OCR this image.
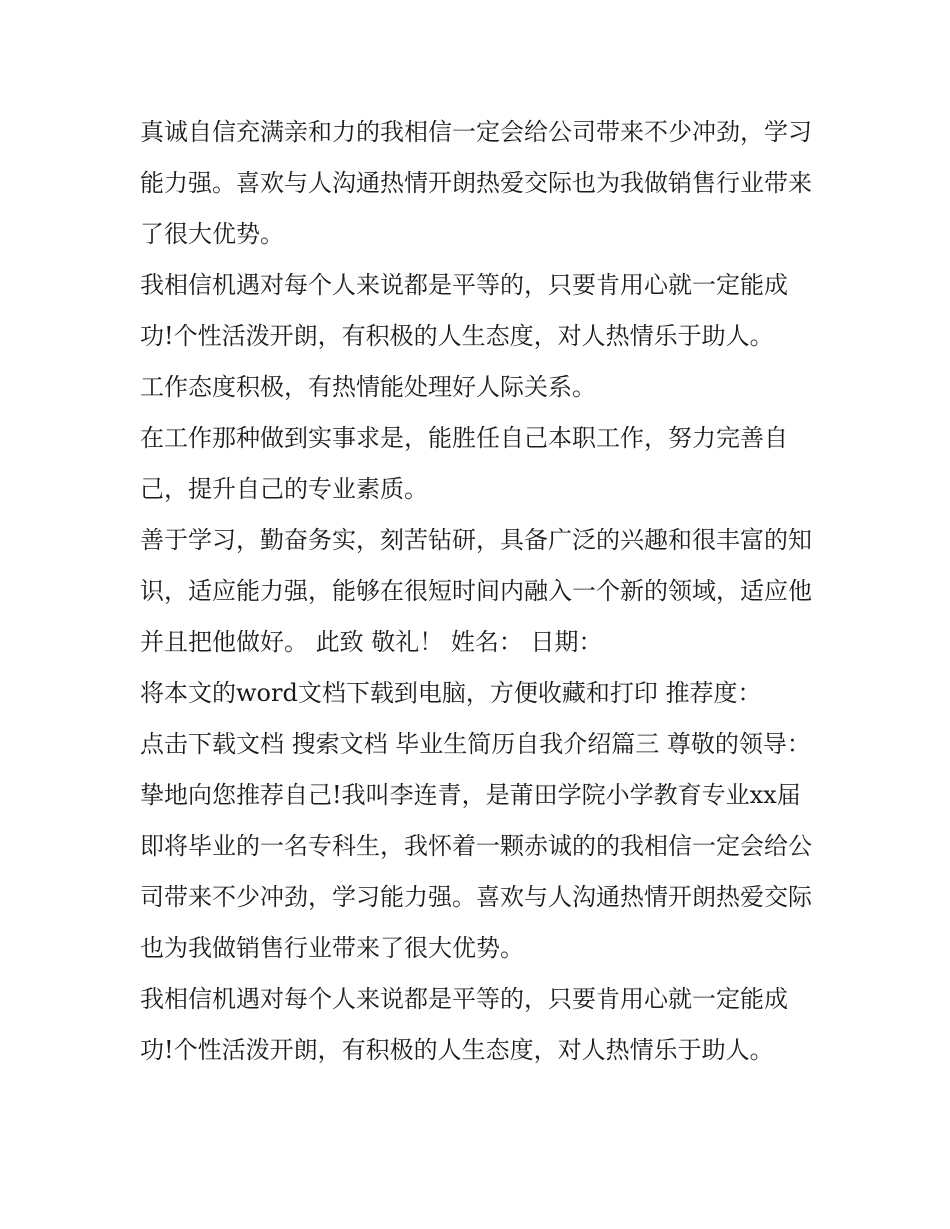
真诚自信充满亲和力的我相信一定会给公司带来不少冲劲，学习能力强。喜欢与人沟通热情开朗热爱交际也为我做销售行业带来了很大优势。

我相信机遇对每个人来说都是平等的，只要肯用心就一定能成功!个性活泼开朗，有积极的人生态度，对人热情乐于助人。

工作态度积极，有热情能处理好人际关系。

在工作那种做到实事求是，能胜任自己本职工作，努力完善自己，提升自己的专业素质。

善于学习，勤奋务实，刻苦钻研，具备广泛的兴趣和很丰富的知识，适应能力强，能够在很短时间内融入一个新的领域，适应他并且把他做好。 此致 敬礼！ 姓名： 日期：

将本文的word文档下载到电脑，方便收藏和打印 推荐度：

点击下载文档 搜索文档 毕业生简历自我介绍篇三 尊敬的领导：

挚地向您推荐自己!我叫李连青，是莆田学院小学教育专业xx届即将毕业的一名专科生，我怀着一颗赤诚的的我相信一定会给公司带来不少冲劲，学习能力强。喜欢与人沟通热情开朗热爱交际也为我做销售行业带来了很大优势。

我相信机遇对每个人来说都是平等的，只要肯用心就一定能成功!个性活泼开朗，有积极的人生态度，对人热情乐于助人。
